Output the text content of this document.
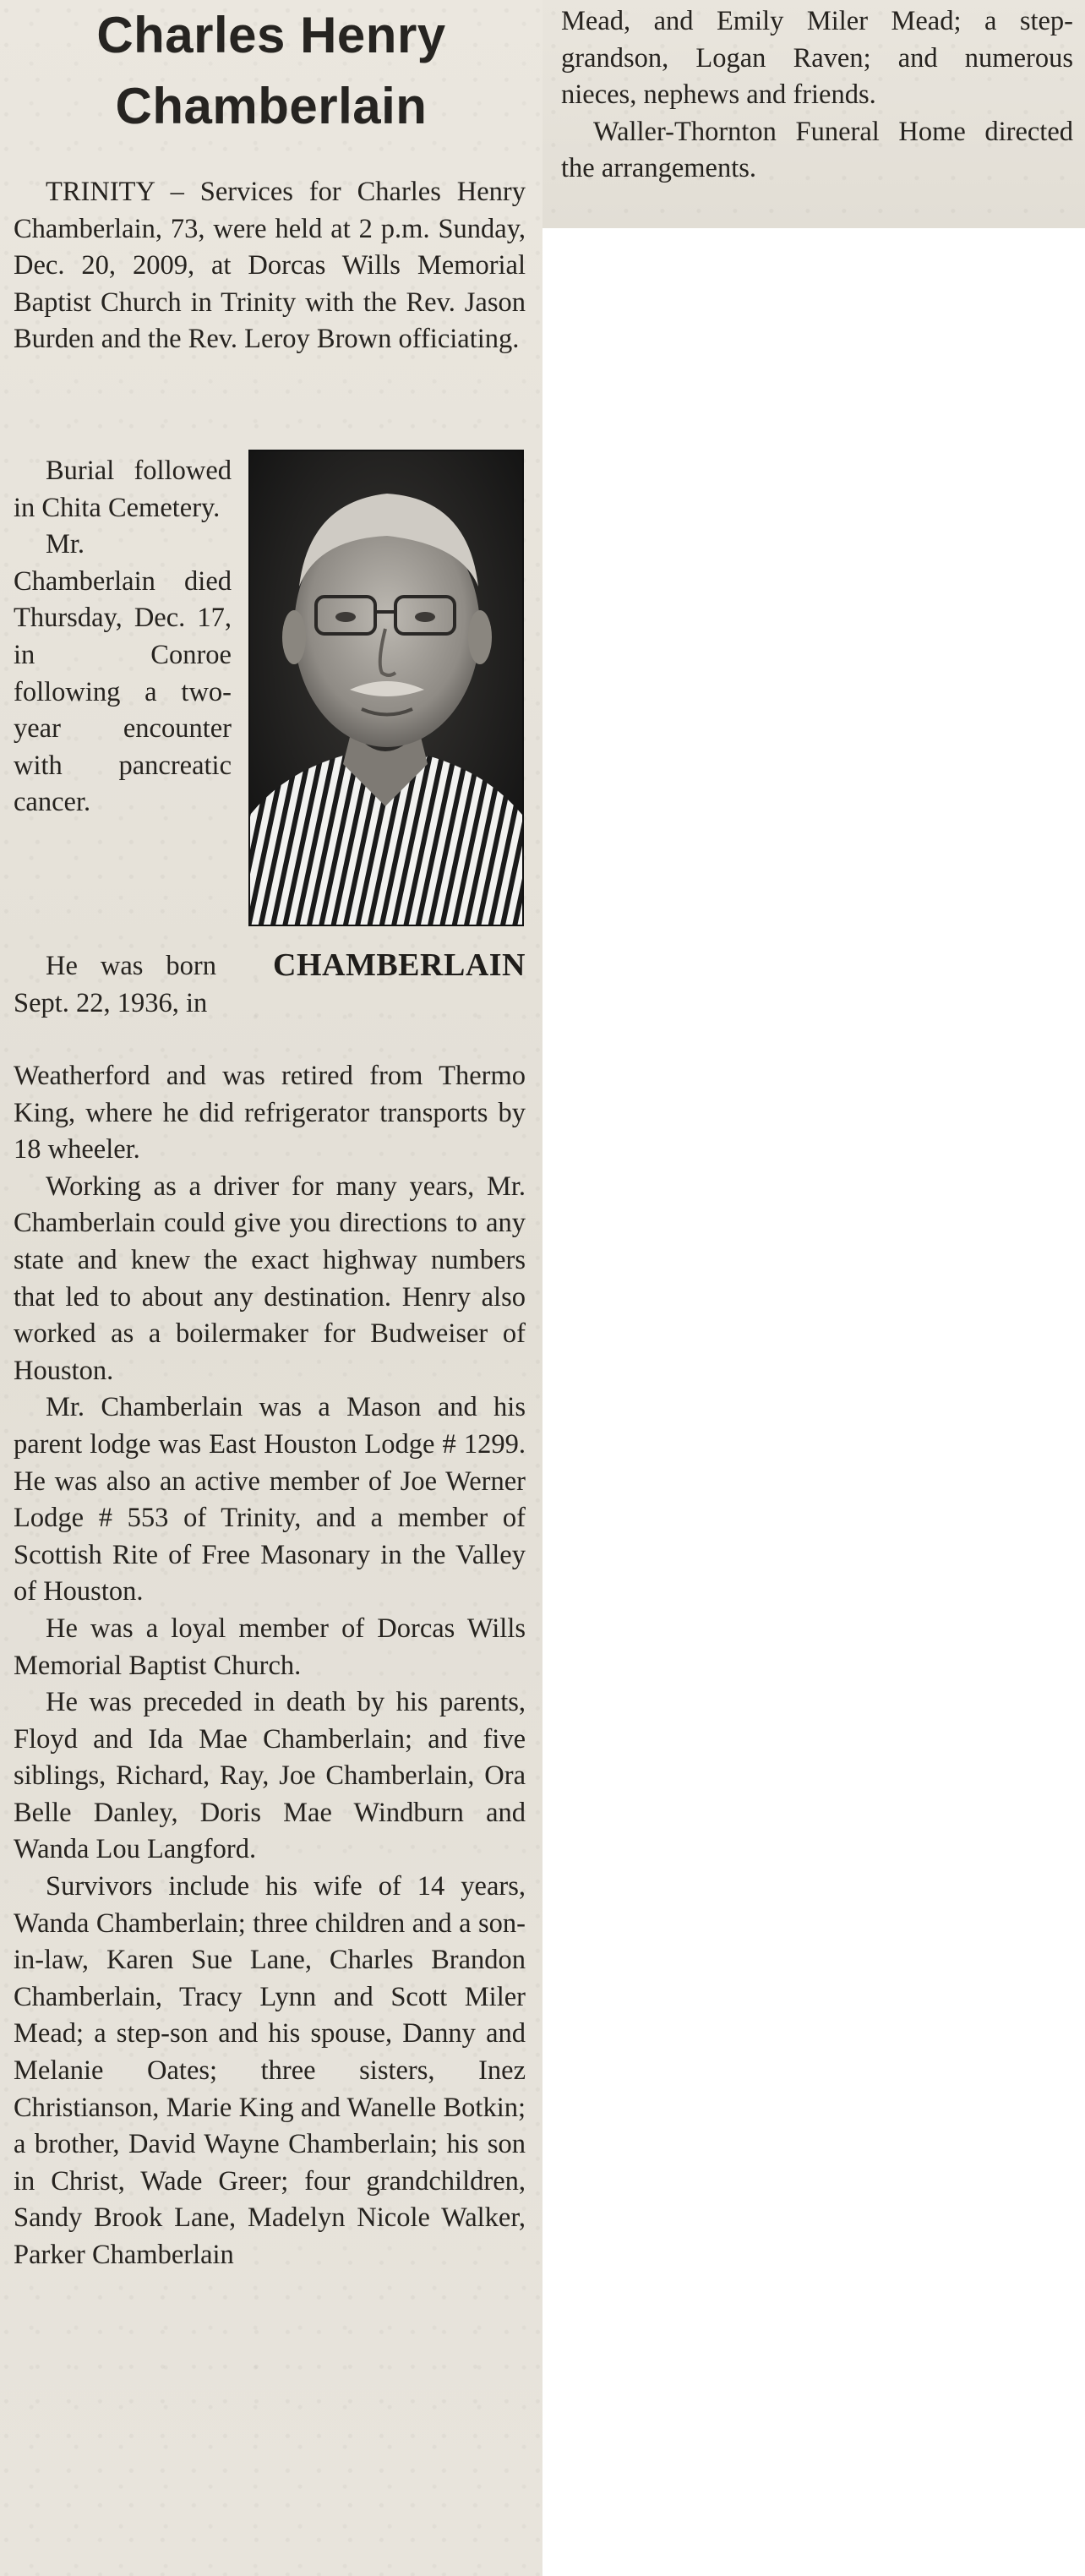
Charles Henry
Chamberlain

Mead, and Emily Miler Mead; a step-grandson, Logan Raven; and numerous nieces, nephews and friends.

Waller-Thornton Funeral Home directed the arrangements.

TRINITY – Services for Charles Henry Chamberlain, 73, were held at 2 p.m. Sunday, Dec. 20, 2009, at Dorcas Wills Memorial Baptist Church in Trinity with the Rev. Jason Burden and the Rev. Leroy Brown officiating.

Burial followed in Chita Cemetery.

Mr. Chamberlain died Thursday, Dec. 17, in Conroe following a two-year encounter with pancreatic cancer.

CHAMBERLAIN

He was born Sept. 22, 1936, in

Weatherford and was retired from Thermo King, where he did refrigerator transports by 18 wheeler.

Working as a driver for many years, Mr. Chamberlain could give you directions to any state and knew the exact highway numbers that led to about any destination. Henry also worked as a boilermaker for Budweiser of Houston.

Mr. Chamberlain was a Mason and his parent lodge was East Houston Lodge # 1299. He was also an active member of Joe Werner Lodge # 553 of Trinity, and a member of Scottish Rite of Free Masonary in the Valley of Houston.

He was a loyal member of Dorcas Wills Memorial Baptist Church.

He was preceded in death by his parents, Floyd and Ida Mae Chamberlain; and five siblings, Richard, Ray, Joe Chamberlain, Ora Belle Danley, Doris Mae Windburn and Wanda Lou Langford.

Survivors include his wife of 14 years, Wanda Chamberlain; three children and a son-in-law, Karen Sue Lane, Charles Brandon Chamberlain, Tracy Lynn and Scott Miler Mead; a step-son and his spouse, Danny and Melanie Oates; three sisters, Inez Christianson, Marie King and Wanelle Botkin; a brother, David Wayne Chamberlain; his son in Christ, Wade Greer; four grandchildren, Sandy Brook Lane, Madelyn Nicole Walker, Parker Chamberlain
